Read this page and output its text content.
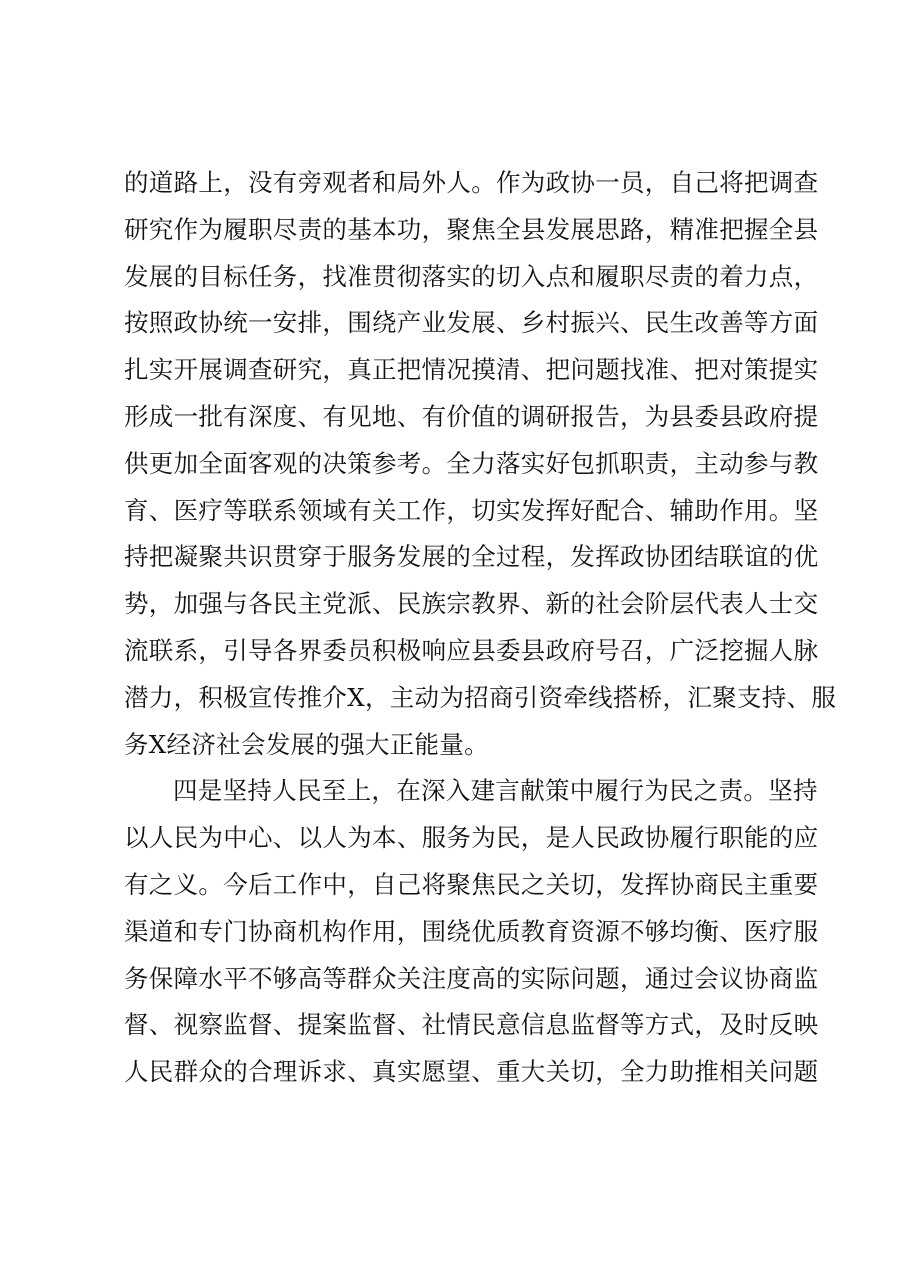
的道路上，没有旁观者和局外人。作为政协一员，自己将把调查
研究作为履职尽责的基本功，聚焦全县发展思路，精准把握全县
发展的目标任务，找准贯彻落实的切入点和履职尽责的着力点，
按照政协统一安排，围绕产业发展、乡村振兴、民生改善等方面
扎实开展调查研究，真正把情况摸清、把问题找准、把对策提实
形成一批有深度、有见地、有价值的调研报告，为县委县政府提
供更加全面客观的决策参考。全力落实好包抓职责，主动参与教
育、医疗等联系领域有关工作，切实发挥好配合、辅助作用。坚
持把凝聚共识贯穿于服务发展的全过程，发挥政协团结联谊的优
势，加强与各民主党派、民族宗教界、新的社会阶层代表人士交
流联系，引导各界委员积极响应县委县政府号召，广泛挖掘人脉
潜力，积极宣传推介X，主动为招商引资牵线搭桥，汇聚支持、服
务X经济社会发展的强大正能量。
四是坚持人民至上，在深入建言献策中履行为民之责。坚持
以人民为中心、以人为本、服务为民，是人民政协履行职能的应
有之义。今后工作中，自己将聚焦民之关切，发挥协商民主重要
渠道和专门协商机构作用，围绕优质教育资源不够均衡、医疗服
务保障水平不够高等群众关注度高的实际问题，通过会议协商监
督、视察监督、提案监督、社情民意信息监督等方式，及时反映
人民群众的合理诉求、真实愿望、重大关切，全力助推相关问题
